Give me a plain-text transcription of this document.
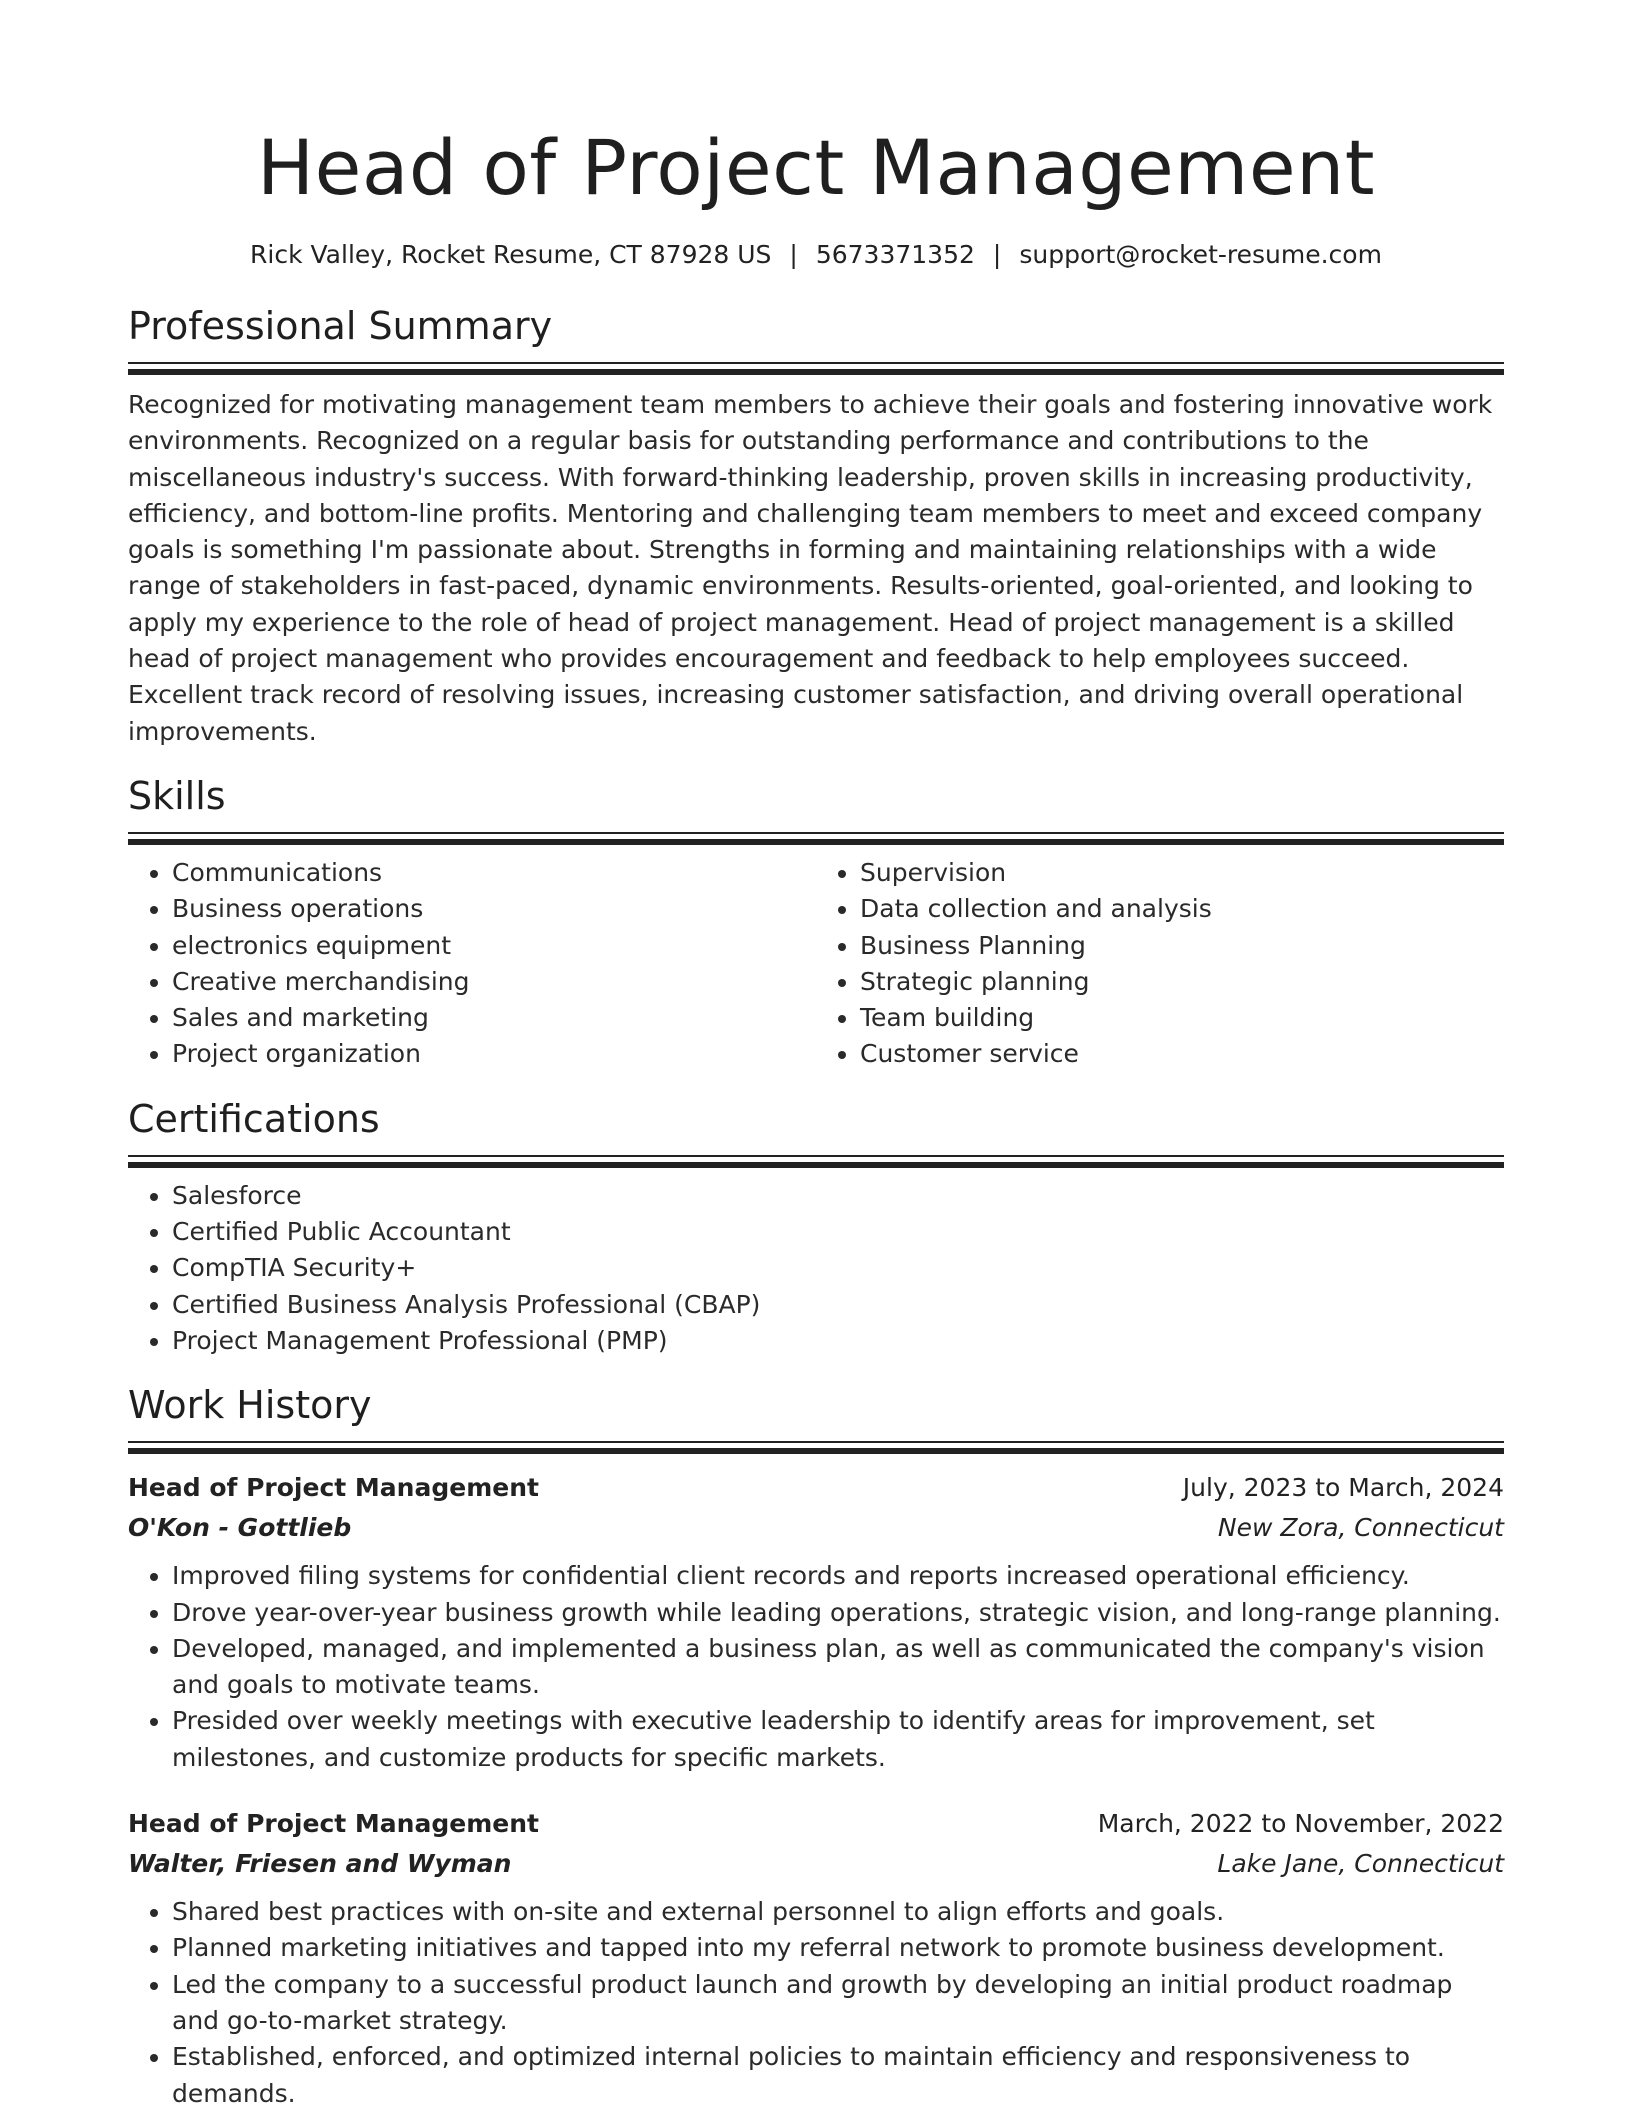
Head of Project Management
Rick Valley, Rocket Resume, CT 87928 US | 5673371352 | support@rocket-resume.com
Professional Summary
Recognized for motivating management team members to achieve their goals and fostering innovative work environments. Recognized on a regular basis for outstanding performance and contributions to the miscellaneous industry's success. With forward-thinking leadership, proven skills in increasing productivity, efficiency, and bottom-line profits. Mentoring and challenging team members to meet and exceed company goals is something I'm passionate about. Strengths in forming and maintaining relationships with a wide range of stakeholders in fast-paced, dynamic environments. Results-oriented, goal-oriented, and looking to apply my experience to the role of head of project management. Head of project management is a skilled head of project management who provides encouragement and feedback to help employees succeed. Excellent track record of resolving issues, increasing customer satisfaction, and driving overall operational improvements.
Skills
• Communications
• Business operations
• electronics equipment
• Creative merchandising
• Sales and marketing
• Project organization
• Supervision
• Data collection and analysis
• Business Planning
• Strategic planning
• Team building
• Customer service
Certifications
• Salesforce
• Certified Public Accountant
• CompTIA Security+
• Certified Business Analysis Professional (CBAP)
• Project Management Professional (PMP)
Work History
Head of Project Management	July, 2023 to March, 2024
O'Kon - Gottlieb	New Zora, Connecticut
• Improved filing systems for confidential client records and reports increased operational efficiency.
• Drove year-over-year business growth while leading operations, strategic vision, and long-range planning.
• Developed, managed, and implemented a business plan, as well as communicated the company's vision and goals to motivate teams.
• Presided over weekly meetings with executive leadership to identify areas for improvement, set milestones, and customize products for specific markets.
Head of Project Management	March, 2022 to November, 2022
Walter, Friesen and Wyman	Lake Jane, Connecticut
• Shared best practices with on-site and external personnel to align efforts and goals.
• Planned marketing initiatives and tapped into my referral network to promote business development.
• Led the company to a successful product launch and growth by developing an initial product roadmap and go-to-market strategy.
• Established, enforced, and optimized internal policies to maintain efficiency and responsiveness to demands.
